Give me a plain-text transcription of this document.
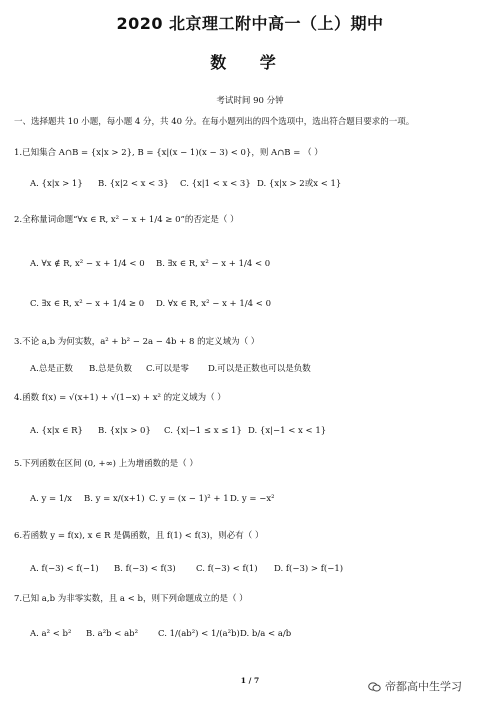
2020 北京理工附中高一（上）期中
数 学
考试时间 90 分钟
一、选择题共 10 小题，每小题 4 分，共 40 分。在每小题列出的四个选项中，选出符合题目要求的一项。
1.已知集合 A∩B = {x|x > 2}, B = {x|(x − 1)(x − 3) < 0}，则 A∩B = （ ）
A. {x|x > 1} B. {x|2 < x < 3} C. {x|1 < x < 3} D. {x|x > 2或x < 1}
2.全称量词命题“∀x ∈ R, x² − x + 1/4 ≥ 0”的否定是（ ）
A. ∀x ∉ R, x² − x + 1/4 < 0 B. ∃x ∈ R, x² − x + 1/4 < 0
C. ∃x ∈ R, x² − x + 1/4 ≥ 0 D. ∀x ∈ R, x² − x + 1/4 < 0
3.不论 a,b 为何实数，a² + b² − 2a − 4b + 8 的定义域为（ ）
A.总是正数 B.总是负数 C.可以是零 D.可以是正数也可以是负数
4.函数 f(x) = √(x+1) + √(1−x) + x² 的定义域为（ ）
A. {x|x ∈ R} B. {x|x > 0} C. {x|−1 ≤ x ≤ 1} D. {x|−1 < x < 1}
5.下列函数在区间 (0, +∞) 上为增函数的是（ ）
A. y = 1/x B. y = x/(x+1) C. y = (x − 1)² + 1 D. y = −x²
6.若函数 y = f(x), x ∈ R 是偶函数，且 f(1) < f(3)，则必有（ ）
A. f(−3) < f(−1) B. f(−3) < f(3) C. f(−3) < f(1) D. f(−3) > f(−1)
7.已知 a,b 为非零实数，且 a < b，则下列命题成立的是（ ）
A. a² < b² B. a²b < ab² C. 1/(ab²) < 1/(a²b) D. b/a < a/b
1 / 7	帝都高中生学习
